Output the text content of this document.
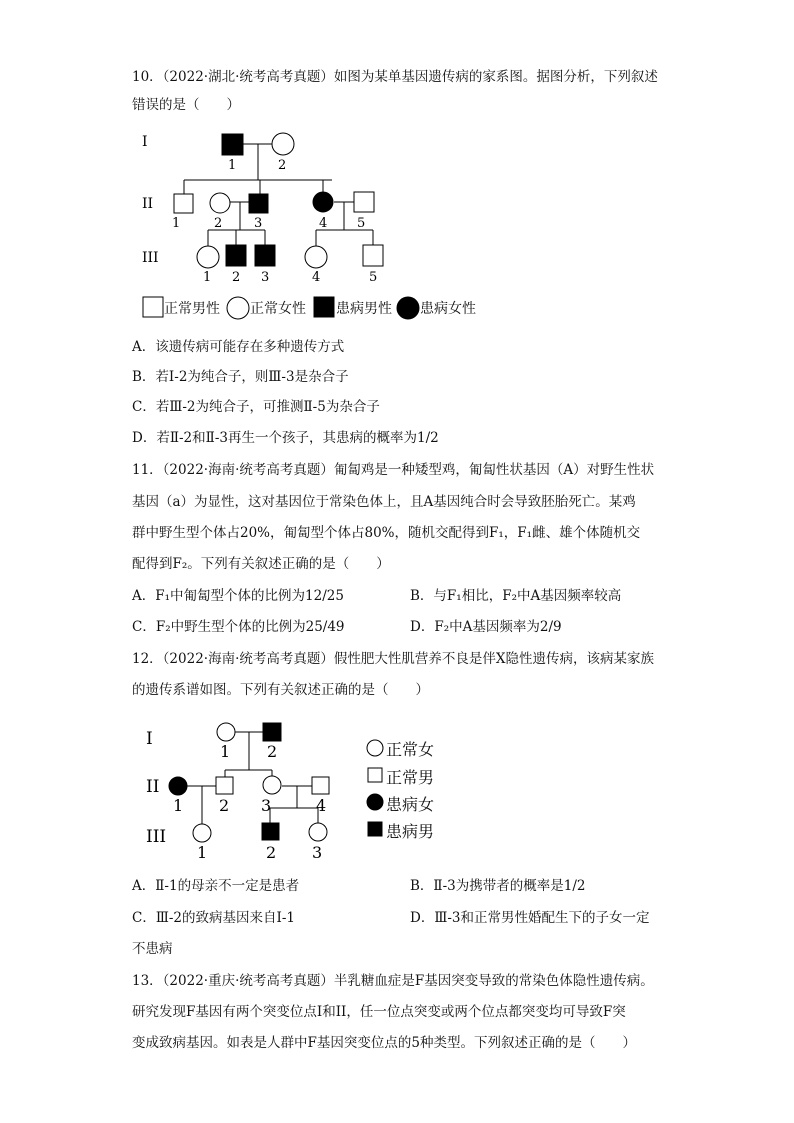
10．（2022·湖北·统考高考真题）如图为某单基因遗传病的家系图。据图分析，下列叙述
错误的是（　　）
I
II
III
1	2
1	2 3	4 5
1 2 3	4	5
正常男性 正常女性 患病男性 患病女性
A．该遗传病可能存在多种遗传方式
B．若Ⅰ-2为纯合子，则Ⅲ-3是杂合子
C．若Ⅲ-2为纯合子，可推测Ⅱ-5为杂合子
D．若Ⅱ-2和Ⅱ-3再生一个孩子，其患病的概率为1/2
11．（2022·海南·统考高考真题）匍匐鸡是一种矮型鸡，匍匐性状基因（A）对野生性状
基因（a）为显性，这对基因位于常染色体上，且A基因纯合时会导致胚胎死亡。某鸡
群中野生型个体占20%，匍匐型个体占80%，随机交配得到F₁，F₁雌、雄个体随机交
配得到F₂。下列有关叙述正确的是（　　）
A．F₁中匍匐型个体的比例为12/25	B．与F₁相比，F₂中A基因频率较高
C．F₂中野生型个体的比例为25/49	D．F₂中A基因频率为2/9
12．（2022·海南·统考高考真题）假性肥大性肌营养不良是伴X隐性遗传病，该病某家族
的遗传系谱如图。下列有关叙述正确的是（　　）
I
II
III
1 2
1 2 3	4
1	2 3
正常女
正常男
患病女
患病男
A．Ⅱ-1的母亲不一定是患者	B．Ⅱ-3为携带者的概率是1/2
C．Ⅲ-2的致病基因来自Ⅰ-1	D．Ⅲ-3和正常男性婚配生下的子女一定
不患病
13．（2022·重庆·统考高考真题）半乳糖血症是F基因突变导致的常染色体隐性遗传病。
研究发现F基因有两个突变位点I和II，任一位点突变或两个位点都突变均可导致F突
变成致病基因。如表是人群中F基因突变位点的5种类型。下列叙述正确的是（　　）
